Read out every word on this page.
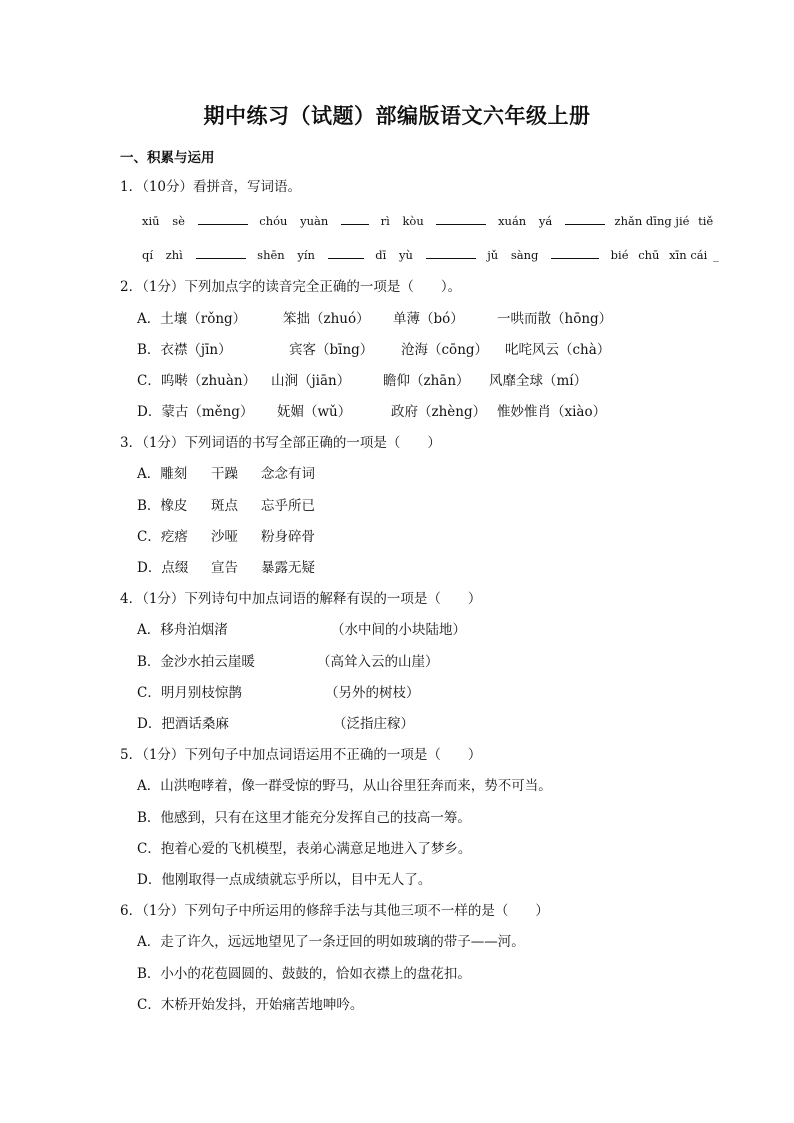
期中练习（试题）部编版语文六年级上册
一、积累与运用
1．（10分）看拼音，写词语。
xiū sè	chóu yuàn	rì kòu	xuán yá	zhǎn dīng jié tiě
qí zhì	shēn yín	dī yù	jǔ sàng	bié chū xīn cái _
2．（1分）下列加点字的读音完全正确的一项是（　　）。
A．土壤（rǒng）	笨拙（zhuó） 单薄（bó） 一哄而散（hōng）
B．衣襟（jīn）	宾客（bīng） 沧海（cōng） 叱咤风云（chà）
C．呜啭（zhuàn） 山涧（jiān） 瞻仰（zhān） 风靡全球（mí）
D．蒙古（měng） 妩媚（wǔ）	政府（zhèng） 惟妙惟肖（xiào）
3．（1分）下列词语的书写全部正确的一项是（　　）
A．雕刻 干躁 念念有词
B．橡皮 斑点 忘乎所已
C．疙瘩 沙哑 粉身碎骨
D．点缀 宣告 暴露无疑
4．（1分）下列诗句中加点词语的解释有误的一项是（　　）
A．移舟泊烟渚	（水中间的小块陆地）
B．金沙水拍云崖暖	（高耸入云的山崖）
C．明月别枝惊鹊	（另外的树枝）
D．把酒话桑麻	（泛指庄稼）
5．（1分）下列句子中加点词语运用不正确的一项是（　　）
A．山洪咆哮着，像一群受惊的野马，从山谷里狂奔而来，势不可当。
B．他感到，只有在这里才能充分发挥自己的技高一筹。
C．抱着心爱的飞机模型，表弟心满意足地进入了梦乡。
D．他刚取得一点成绩就忘乎所以，目中无人了。
6．（1分）下列句子中所运用的修辞手法与其他三项不一样的是（　　）
A．走了许久，远远地望见了一条迂回的明如玻璃的带子——河。
B．小小的花苞圆圆的、鼓鼓的，恰如衣襟上的盘花扣。
C．木桥开始发抖，开始痛苦地呻吟。
